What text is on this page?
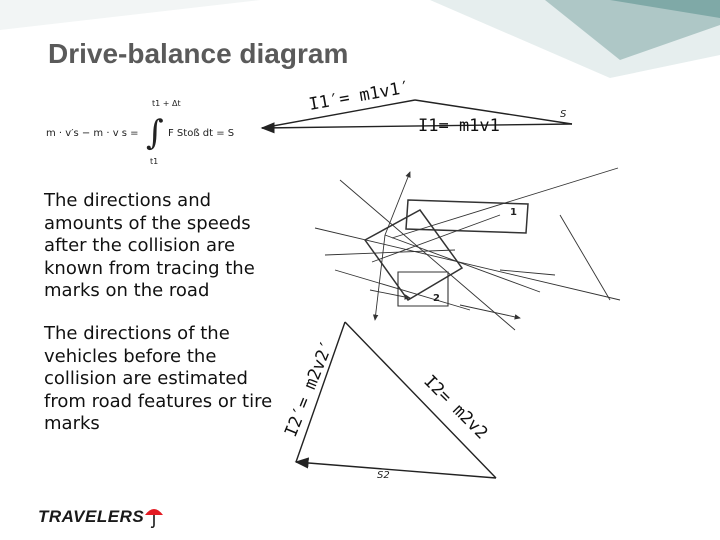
Drive-balance diagram
m · v′s − m · v s =
t1 + Δt
∫
t1
F Stoß dt = S
S
I1′= m1v1′
I1= m1v1
1
2
S2
I2′= m2v2′	I2= m2v2
The directions and amounts of the speeds after the collision are known from tracing the marks on the road
The directions of the vehicles before the collision are estimated from road features or tire marks
TRAVELERS
